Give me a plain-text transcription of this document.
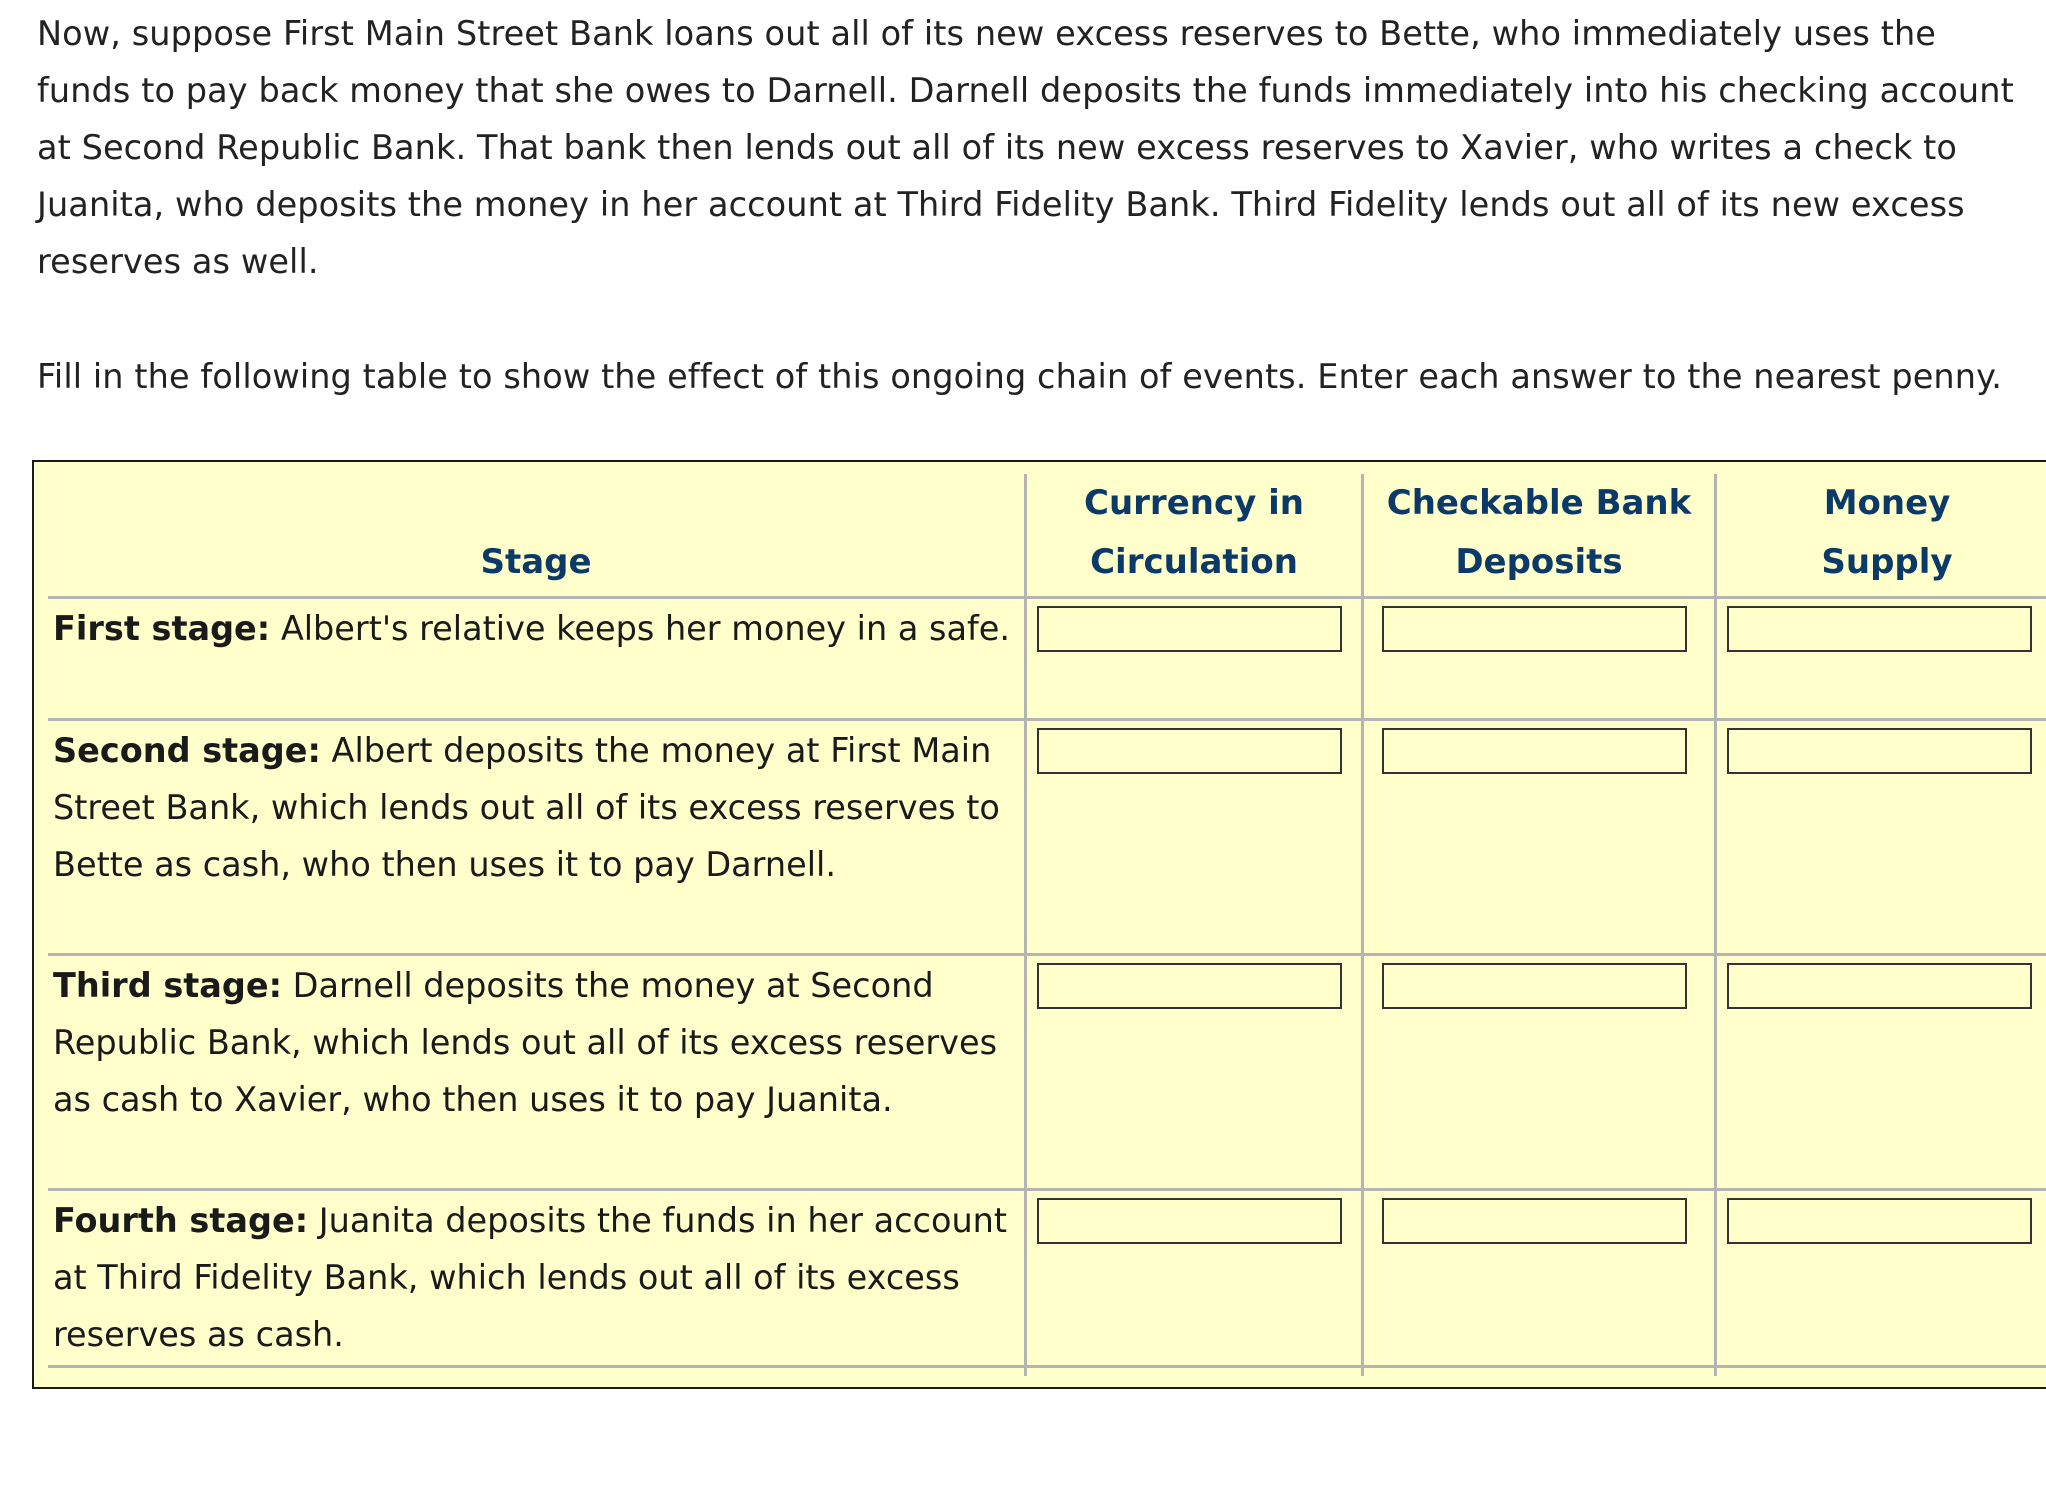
Now, suppose First Main Street Bank loans out all of its new excess reserves to Bette, who immediately uses the funds to pay back money that she owes to Darnell. Darnell deposits the funds immediately into his checking account at Second Republic Bank. That bank then lends out all of its new excess reserves to Xavier, who writes a check to Juanita, who deposits the money in her account at Third Fidelity Bank. Third Fidelity lends out all of its new excess reserves as well.

Fill in the following table to show the effect of this ongoing chain of events. Enter each answer to the nearest penny.

Stage
Currency in
Circulation
Checkable Bank
Deposits
Money
Supply
First stage: Albert's relative keeps her money in a safe.
Second stage: Albert deposits the money at First Main Street Bank, which lends out all of its excess reserves to Bette as cash, who then uses it to pay Darnell.
Third stage: Darnell deposits the money at Second Republic Bank, which lends out all of its excess reserves as cash to Xavier, who then uses it to pay Juanita.
Fourth stage: Juanita deposits the funds in her account at Third Fidelity Bank, which lends out all of its excess reserves as cash.
